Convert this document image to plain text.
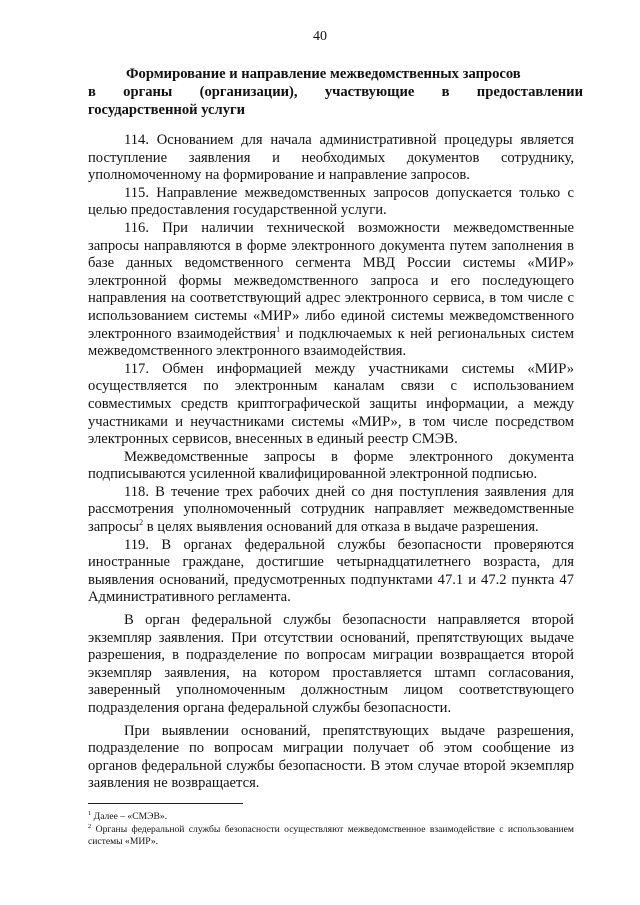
40
Формирование и направление межведомственных запросов
в органы (организации), участвующие в предоставлении
государственной услуги

114. Основанием для начала административной процедуры является поступление заявления и необходимых документов сотруднику, уполномоченному на формирование и направление запросов.

115. Направление межведомственных запросов допускается только с целью предоставления государственной услуги.

116. При наличии технической возможности межведомственные запросы направляются в форме электронного документа путем заполнения в базе данных ведомственного сегмента МВД России системы «МИР» электронной формы межведомственного запроса и его последующего направления на соответствующий адрес электронного сервиса, в том числе с использованием системы «МИР» либо единой системы межведомственного электронного взаимодействия$^1$ и подключаемых к ней региональных систем межведомственного электронного взаимодействия.

117. Обмен информацией между участниками системы «МИР» осуществляется по электронным каналам связи с использованием совместимых средств криптографической защиты информации, а между участниками и неучастниками системы «МИР», в том числе посредством электронных сервисов, внесенных в единый реестр СМЭВ.

Межведомственные запросы в форме электронного документа подписываются усиленной квалифицированной электронной подписью.

118. В течение трех рабочих дней со дня поступления заявления для рассмотрения уполномоченный сотрудник направляет межведомственные запросы$^2$ в целях выявления оснований для отказа в выдаче разрешения.

119. В органах федеральной службы безопасности проверяются иностранные граждане, достигшие четырнадцатилетнего возраста, для выявления оснований, предусмотренных подпунктами 47.1 и 47.2 пункта 47 Административного регламента.

В орган федеральной службы безопасности направляется второй экземпляр заявления. При отсутствии оснований, препятствующих выдаче разрешения, в подразделение по вопросам миграции возвращается второй экземпляр заявления, на котором проставляется штамп согласования, заверенный уполномоченным должностным лицом соответствующего подразделения органа федеральной службы безопасности.

При выявлении оснований, препятствующих выдаче разрешения, подразделение по вопросам миграции получает об этом сообщение из органов федеральной службы безопасности. В этом случае второй экземпляр заявления не возвращается.

$^1$ Далее – «СМЭВ».

$^2$ Органы федеральной службы безопасности осуществляют межведомственное взаимодействие с использованием системы «МИР».
